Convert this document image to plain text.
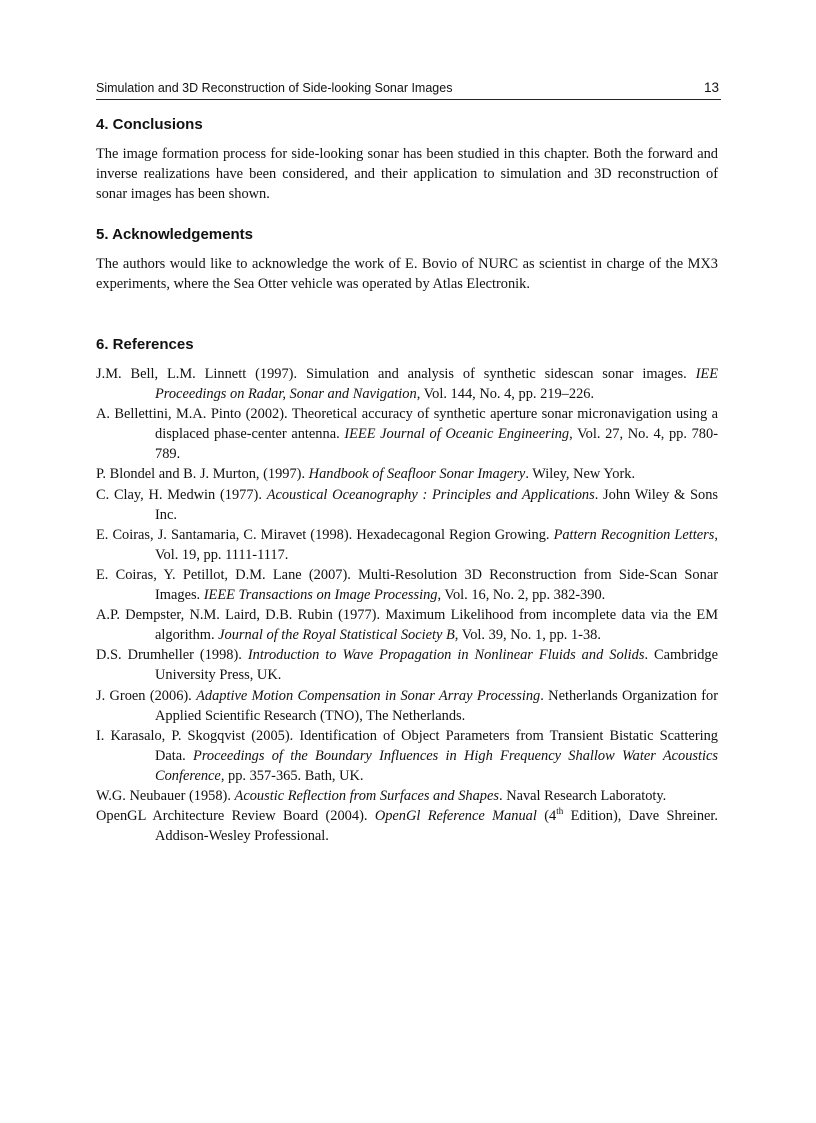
Simulation and 3D Reconstruction of Side-looking Sonar Images	13
4. Conclusions

The image formation process for side-looking sonar has been studied in this chapter. Both the forward and inverse realizations have been considered, and their application to simulation and 3D reconstruction of sonar images has been shown.

5. Acknowledgements

The authors would like to acknowledge the work of E. Bovio of NURC as scientist in charge of the MX3 experiments, where the Sea Otter vehicle was operated by Atlas Electronik.

6. References
J.M. Bell, L.M. Linnett (1997). Simulation and analysis of synthetic sidescan sonar images. IEE Proceedings on Radar, Sonar and Navigation, Vol. 144, No. 4, pp. 219–226.
A. Bellettini, M.A. Pinto (2002). Theoretical accuracy of synthetic aperture sonar micronavigation using a displaced phase-center antenna. IEEE Journal of Oceanic Engineering, Vol. 27, No. 4, pp. 780-789.
P. Blondel and B. J. Murton, (1997). Handbook of Seafloor Sonar Imagery. Wiley, New York.
C. Clay, H. Medwin (1977). Acoustical Oceanography : Principles and Applications. John Wiley & Sons Inc.
E. Coiras, J. Santamaria, C. Miravet (1998). Hexadecagonal Region Growing. Pattern Recognition Letters, Vol. 19, pp. 1111-1117.
E. Coiras, Y. Petillot, D.M. Lane (2007). Multi-Resolution 3D Reconstruction from Side-Scan Sonar Images. IEEE Transactions on Image Processing, Vol. 16, No. 2, pp. 382-390.
A.P. Dempster, N.M. Laird, D.B. Rubin (1977). Maximum Likelihood from incomplete data via the EM algorithm. Journal of the Royal Statistical Society B, Vol. 39, No. 1, pp. 1-38.
D.S. Drumheller (1998). Introduction to Wave Propagation in Nonlinear Fluids and Solids. Cambridge University Press, UK.
J. Groen (2006). Adaptive Motion Compensation in Sonar Array Processing. Netherlands Organization for Applied Scientific Research (TNO), The Netherlands.
I. Karasalo, P. Skogqvist (2005). Identification of Object Parameters from Transient Bistatic Scattering Data. Proceedings of the Boundary Influences in High Frequency Shallow Water Acoustics Conference, pp. 357-365. Bath, UK.
W.G. Neubauer (1958). Acoustic Reflection from Surfaces and Shapes. Naval Research Laboratoty.
OpenGL Architecture Review Board (2004). OpenGl Reference Manual (4th Edition), Dave Shreiner. Addison-Wesley Professional.
